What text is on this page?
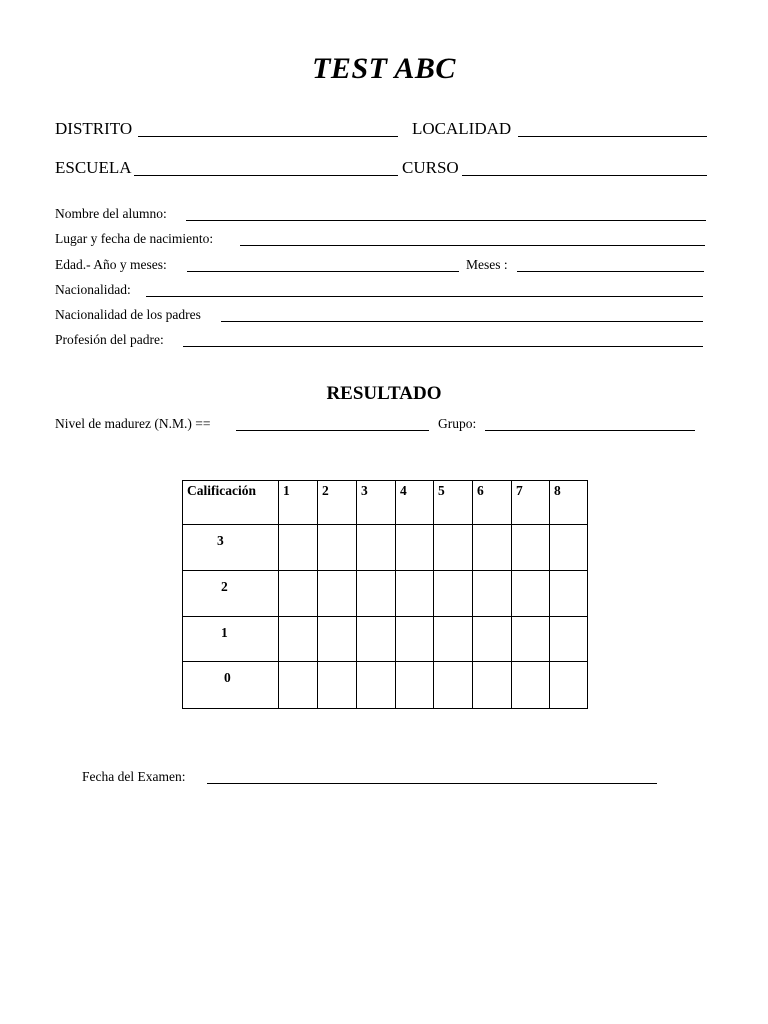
TEST ABC
DISTRITO	LOCALIDAD
ESCUELA	CURSO
Nombre del alumno:
Lugar y fecha de nacimiento:
Edad.- Año y meses:	Meses :
Nacionalidad:
Nacionalidad de los padres
Profesión del padre:
RESULTADO
Nivel de madurez (N.M.) ==	Grupo:
Calificación	1	2	3	4	5	6	7	8

3								

2								

1								

0								

Fecha del Examen:
